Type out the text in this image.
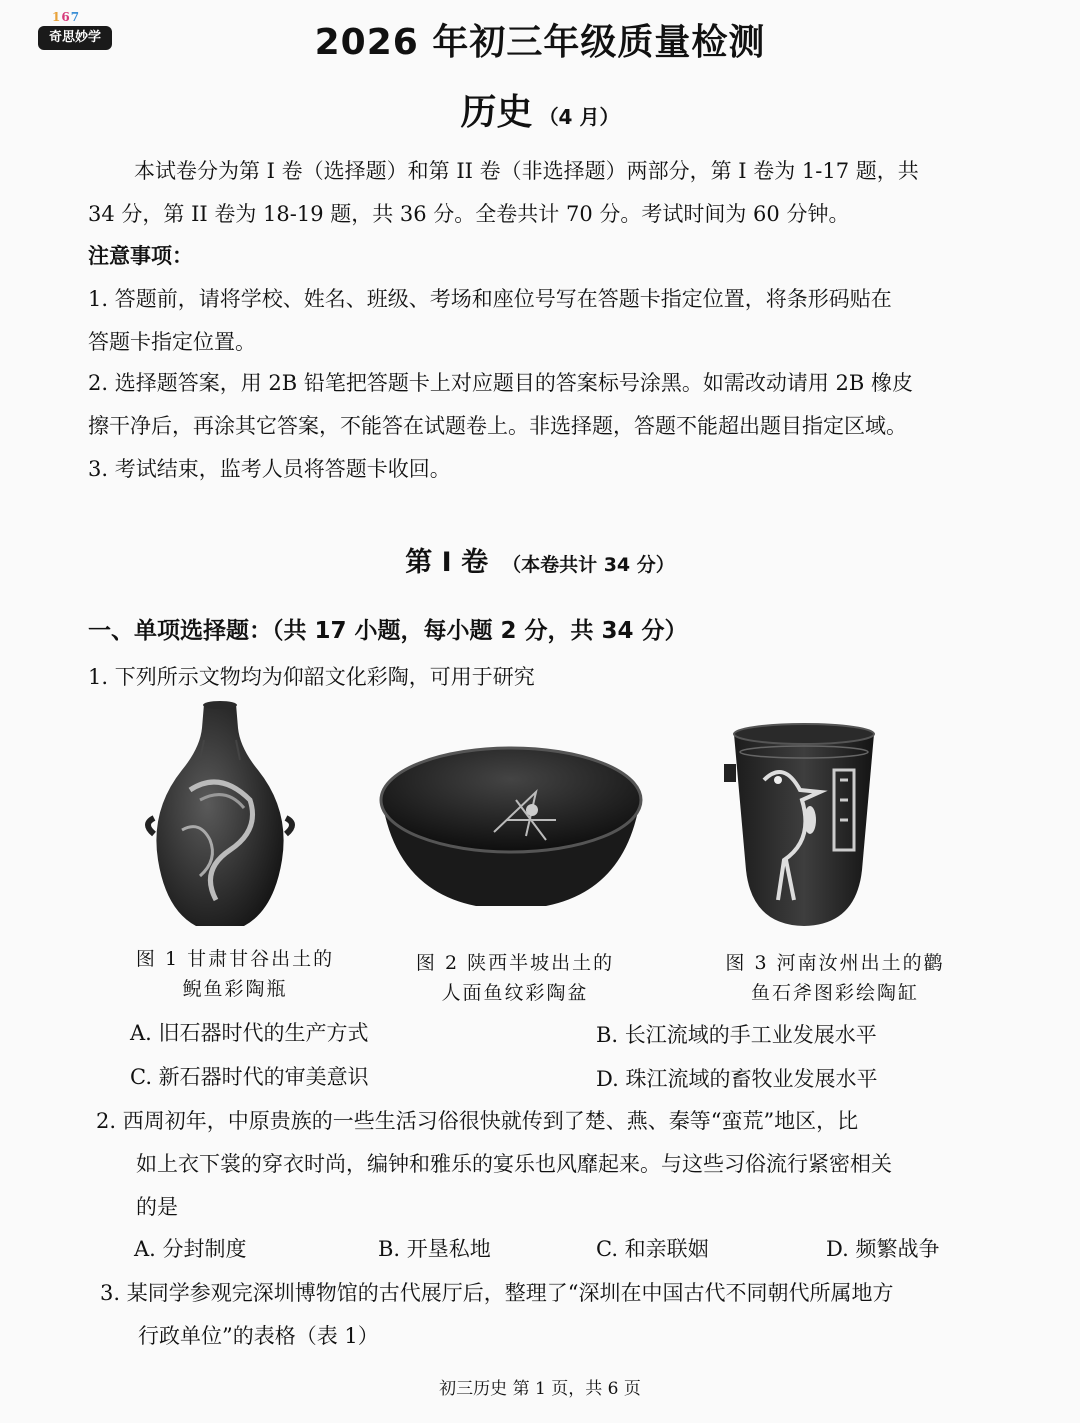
167
奇思妙学	2026 年初三年级质量检测
历史 （4 月）
本试卷分为第 I 卷（选择题）和第 II 卷（非选择题）两部分，第 I 卷为 1-17 题，共
34 分，第 II 卷为 18-19 题，共 36 分。全卷共计 70 分。考试时间为 60 分钟。
注意事项：
1. 答题前，请将学校、姓名、班级、考场和座位号写在答题卡指定位置，将条形码贴在
答题卡指定位置。
2. 选择题答案，用 2B 铅笔把答题卡上对应题目的答案标号涂黑。如需改动请用 2B 橡皮
擦干净后，再涂其它答案，不能答在试题卷上。非选择题，答题不能超出题目指定区域。
3. 考试结束，监考人员将答题卡收回。
第 I 卷 （本卷共计 34 分）
一、单项选择题：（共 17 小题，每小题 2 分，共 34 分）
1. 下列所示文物均为仰韶文化彩陶，可用于研究
图 1 甘肃甘谷出土的
鲵鱼彩陶瓶
图 2 陕西半坡出土的
人面鱼纹彩陶盆
图 3 河南汝州出土的鹳
鱼石斧图彩绘陶缸
A. 旧石器时代的生产方式	B. 长江流域的手工业发展水平
C. 新石器时代的审美意识	D. 珠江流域的畜牧业发展水平
2. 西周初年，中原贵族的一些生活习俗很快就传到了楚、燕、秦等“蛮荒”地区，比
如上衣下裳的穿衣时尚，编钟和雅乐的宴乐也风靡起来。与这些习俗流行紧密相关
的是
A. 分封制度	B. 开垦私地	C. 和亲联姻	D. 频繁战争
3. 某同学参观完深圳博物馆的古代展厅后，整理了“深圳在中国古代不同朝代所属地方
行政单位”的表格（表 1）
初三历史 第 1 页，共 6 页
